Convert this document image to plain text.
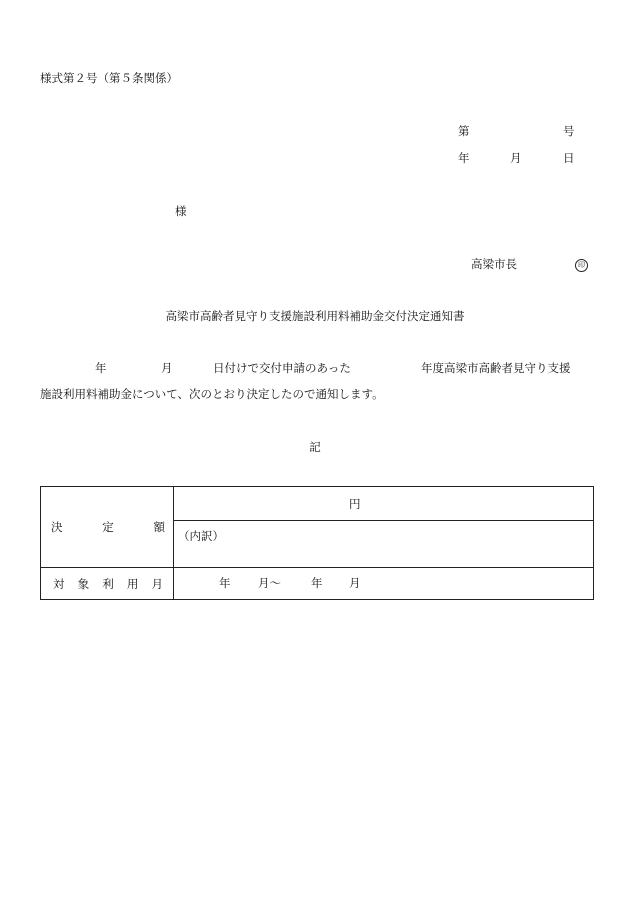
様式第２号（第５条関係）
第	号
年	月	日
様
高梁市長	印
高梁市高齢者見守り支援施設利用料補助金交付決定通知書
年	月	日付けで交付申請のあった	年度高梁市高齢者見守り支援
施設利用料補助金について、次のとおり決定したので通知します。
記
決 定 額	円

	（内訳）

対 象 利 用 月	年 月～ 年 月
